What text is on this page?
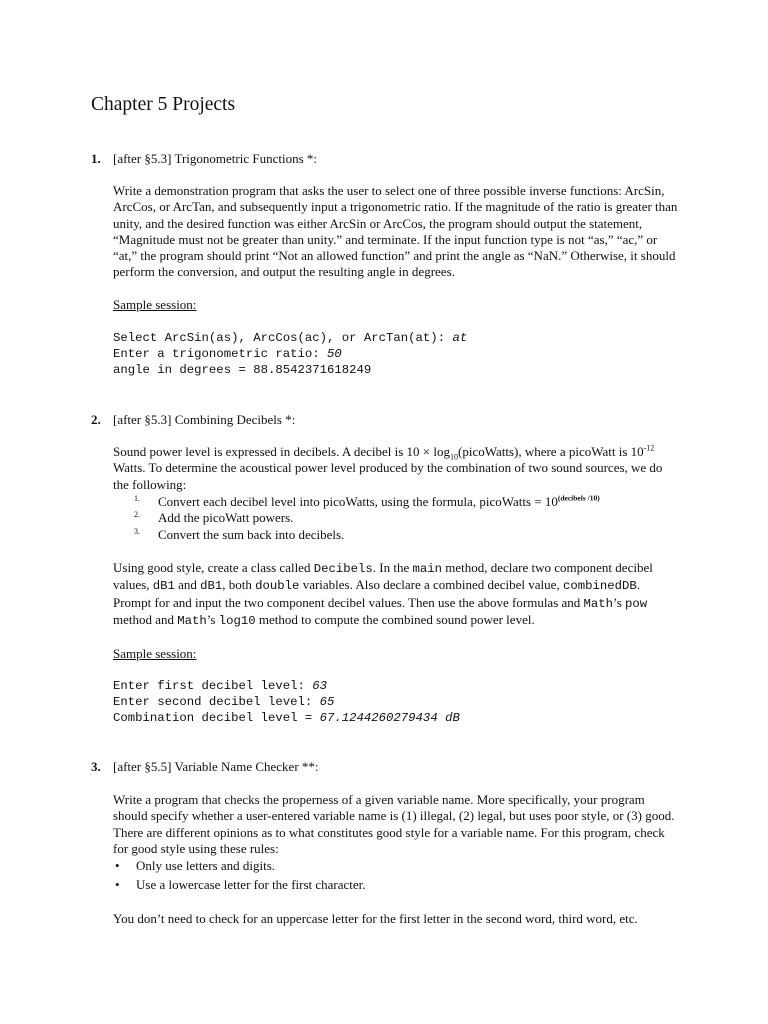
Chapter 5 Projects
1. [after §5.3] Trigonometric Functions *:

Write a demonstration program that asks the user to select one of three possible inverse functions: ArcSin, ArcCos, or ArcTan, and subsequently input a trigonometric ratio. If the magnitude of the ratio is greater than unity, and the desired function was either ArcSin or ArcCos, the program should output the statement, “Magnitude must not be greater than unity.” and terminate. If the input function type is not “as,” “ac,” or “at,” the program should print “Not an allowed function” and print the angle as “NaN.” Otherwise, it should perform the conversion, and output the resulting angle in degrees.

Sample session:
Select ArcSin(as), ArcCos(ac), or ArcTan(at): at
Enter a trigonometric ratio: 50
angle in degrees = 88.8542371618249
2. [after §5.3] Combining Decibels *:

Sound power level is expressed in decibels. A decibel is $10 \times \log_{10}(picoWatts)$, where a picoWatt is $10^{-12}$ Watts. To determine the acoustical power level produced by the combination of two sound sources, we do the following:

1. Convert each decibel level into picoWatts, using the formula, picoWatts = $10^{(decibels /10)}$
2. Add the picoWatt powers.
3. Convert the sum back into decibels.

Using good style, create a class called Decibels. In the main method, declare two component decibel values, dB1 and dB1, both double variables. Also declare a combined decibel value, combinedDB. Prompt for and input the two component decibel values. Then use the above formulas and Math’s pow method and Math’s log10 method to compute the combined sound power level.

Sample session:
Enter first decibel level: 63
Enter second decibel level: 65
Combination decibel level = 67.1244260279434 dB
3. [after §5.5] Variable Name Checker **:

Write a program that checks the properness of a given variable name. More specifically, your program should specify whether a user-entered variable name is (1) illegal, (2) legal, but uses poor style, or (3) good. There are different opinions as to what constitutes good style for a variable name. For this program, check for good style using these rules:

• Only use letters and digits.
• Use a lowercase letter for the first character.

You don’t need to check for an uppercase letter for the first letter in the second word, third word, etc.
